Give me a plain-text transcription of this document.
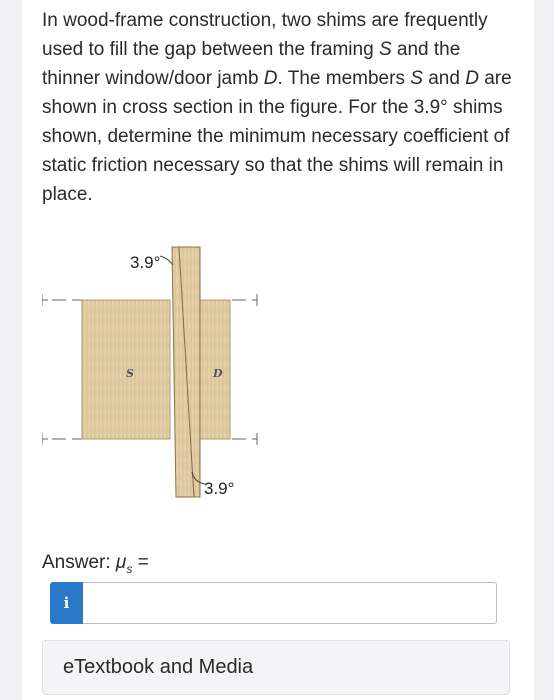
In wood-frame construction, two shims are frequently used to fill the gap between the framing S and the thinner window/door jamb D. The members S and D are shown in cross section in the figure. For the 3.9° shims shown, determine the minimum necessary coefficient of static friction necessary so that the shims will remain in place.
3.9°
S	D
3.9°
Answer: $\mu_s$ =
i
eTextbook and Media
